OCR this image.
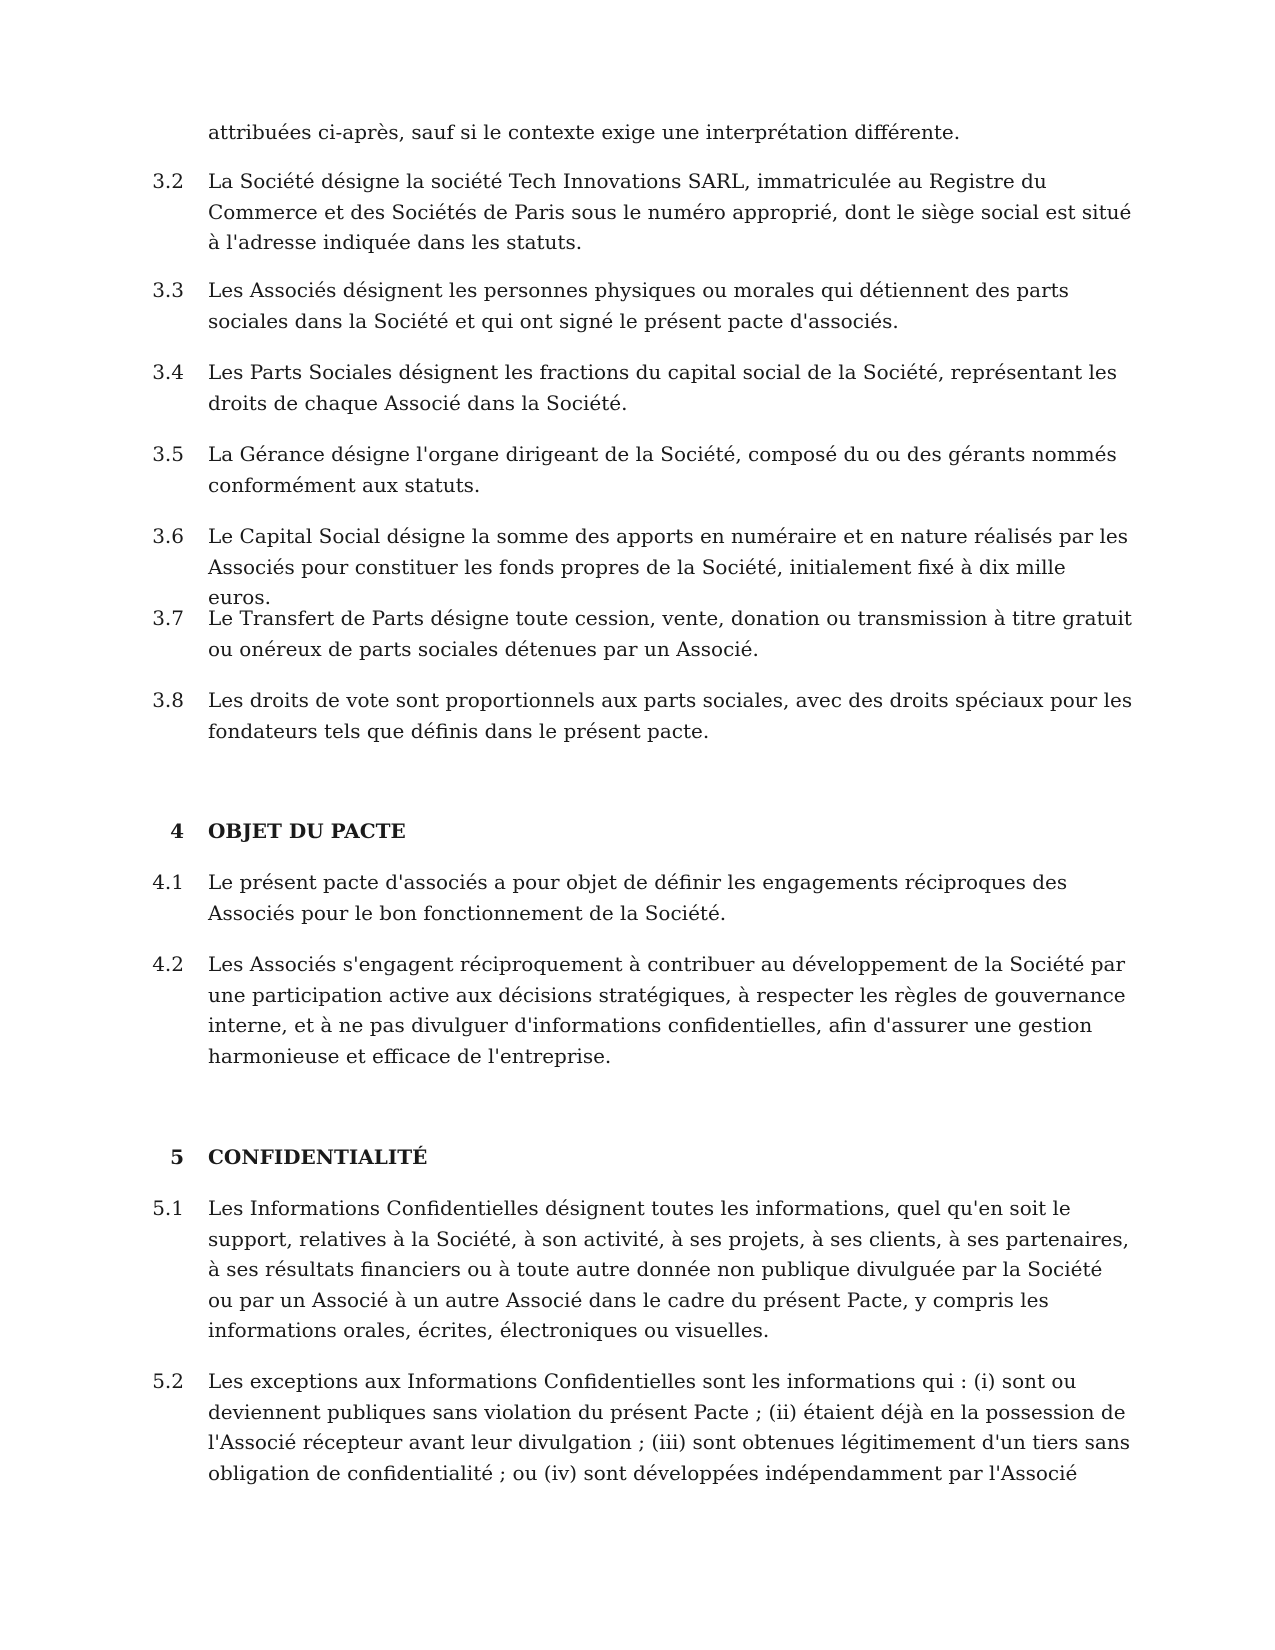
attribuées ci-après, sauf si le contexte exige une interprétation différente.
3.2 La Société désigne la société Tech Innovations SARL, immatriculée au Registre du Commerce et des Sociétés de Paris sous le numéro approprié, dont le siège social est situé à l'adresse indiquée dans les statuts.
3.3 Les Associés désignent les personnes physiques ou morales qui détiennent des parts sociales dans la Société et qui ont signé le présent pacte d'associés.
3.4 Les Parts Sociales désignent les fractions du capital social de la Société, représentant les droits de chaque Associé dans la Société.
3.5 La Gérance désigne l'organe dirigeant de la Société, composé du ou des gérants nommés conformément aux statuts.
3.6 Le Capital Social désigne la somme des apports en numéraire et en nature réalisés par les Associés pour constituer les fonds propres de la Société, initialement fixé à dix mille euros.
3.7 Le Transfert de Parts désigne toute cession, vente, donation ou transmission à titre gratuit ou onéreux de parts sociales détenues par un Associé.
3.8 Les droits de vote sont proportionnels aux parts sociales, avec des droits spéciaux pour les fondateurs tels que définis dans le présent pacte.
4 OBJET DU PACTE
4.1 Le présent pacte d'associés a pour objet de définir les engagements réciproques des Associés pour le bon fonctionnement de la Société.
4.2 Les Associés s'engagent réciproquement à contribuer au développement de la Société par une participation active aux décisions stratégiques, à respecter les règles de gouvernance interne, et à ne pas divulguer d'informations confidentielles, afin d'assurer une gestion harmonieuse et efficace de l'entreprise.
5 CONFIDENTIALITÉ
5.1 Les Informations Confidentielles désignent toutes les informations, quel qu'en soit le support, relatives à la Société, à son activité, à ses projets, à ses clients, à ses partenaires, à ses résultats financiers ou à toute autre donnée non publique divulguée par la Société ou par un Associé à un autre Associé dans le cadre du présent Pacte, y compris les informations orales, écrites, électroniques ou visuelles.
5.2 Les exceptions aux Informations Confidentielles sont les informations qui : (i) sont ou deviennent publiques sans violation du présent Pacte ; (ii) étaient déjà en la possession de l'Associé récepteur avant leur divulgation ; (iii) sont obtenues légitimement d'un tiers sans obligation de confidentialité ; ou (iv) sont développées indépendamment par l'Associé
